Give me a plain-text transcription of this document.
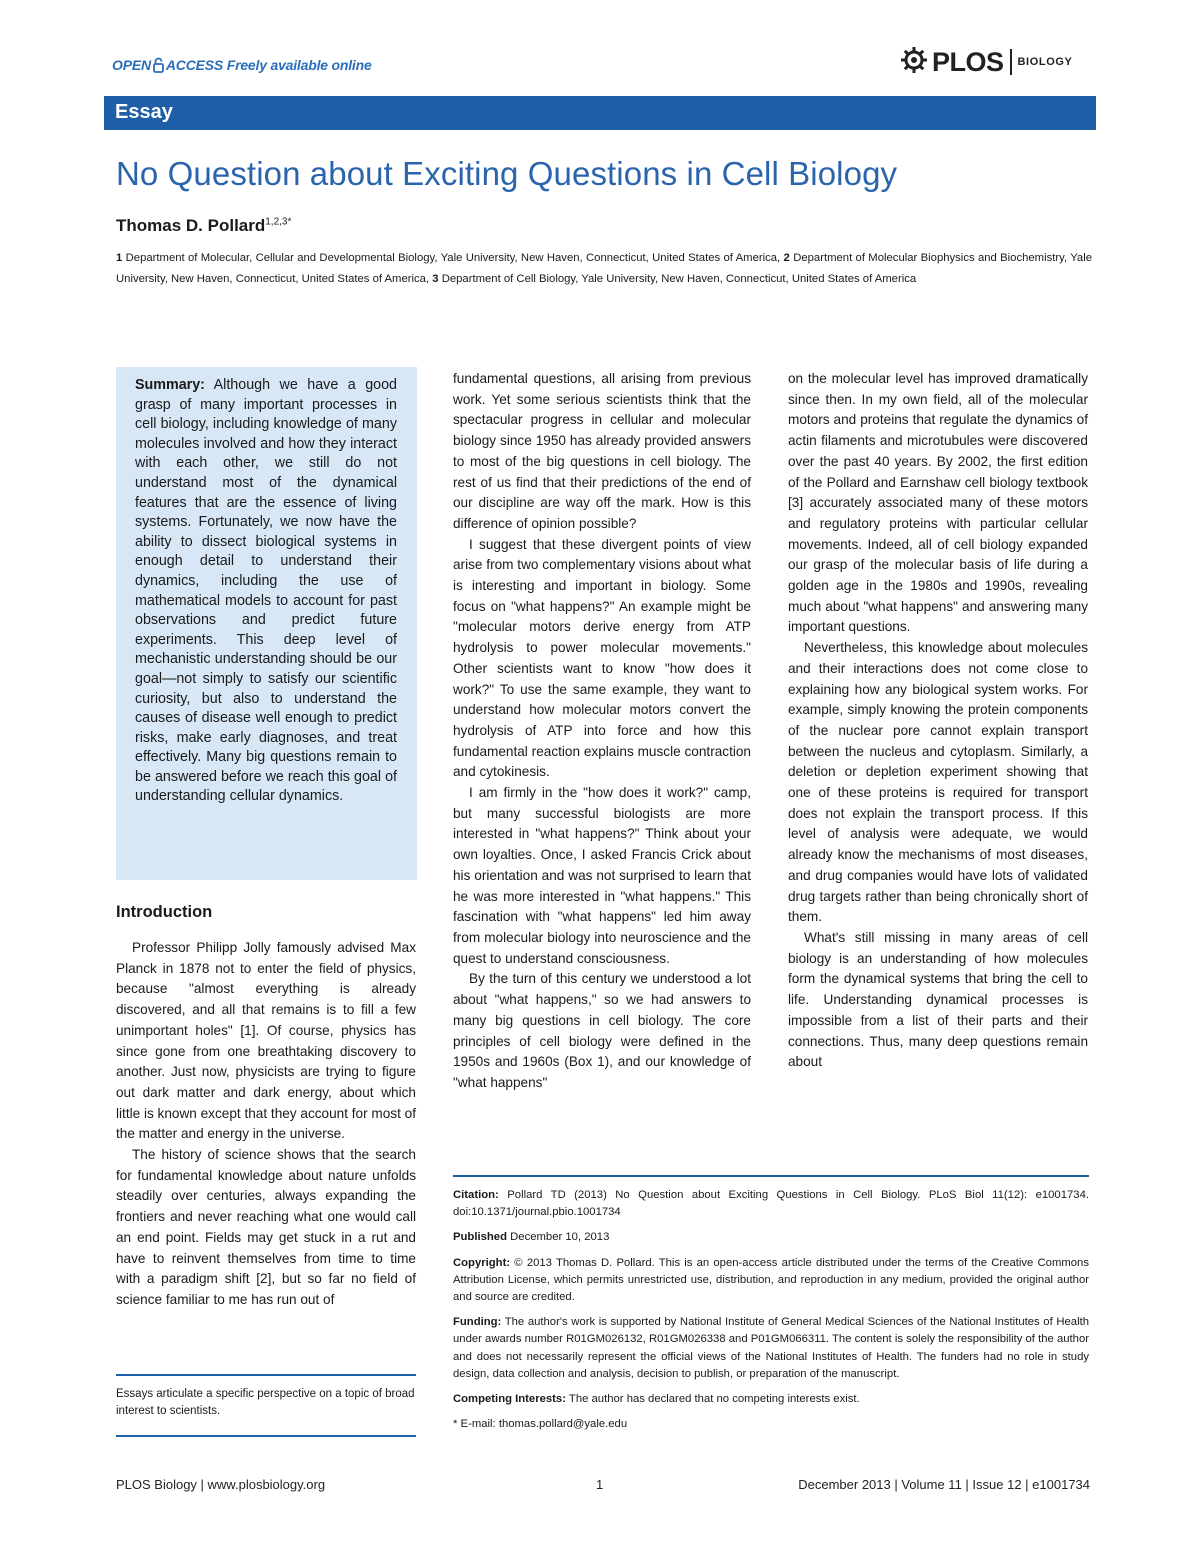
OPEN ACCESS Freely available online	PLOS BIOLOGY
Essay
No Question about Exciting Questions in Cell Biology
Thomas D. Pollard$^{1,2,3*}$
1 Department of Molecular, Cellular and Developmental Biology, Yale University, New Haven, Connecticut, United States of America, 2 Department of Molecular Biophysics and Biochemistry, Yale University, New Haven, Connecticut, United States of America, 3 Department of Cell Biology, Yale University, New Haven, Connecticut, United States of America

Summary: Although we have a good grasp of many important processes in cell biology, including knowledge of many molecules involved and how they interact with each other, we still do not understand most of the dynamical features that are the essence of living systems. Fortunately, we now have the ability to dissect biological systems in enough detail to understand their dynamics, including the use of mathematical models to account for past observations and predict future experiments. This deep level of mechanistic understanding should be our goal—not simply to satisfy our scientific curiosity, but also to understand the causes of disease well enough to predict risks, make early diagnoses, and treat effectively. Many big questions remain to be answered before we reach this goal of understanding cellular dynamics.

Introduction

Professor Philipp Jolly famously advised Max Planck in 1878 not to enter the field of physics, because "almost everything is already discovered, and all that remains is to fill a few unimportant holes" [1]. Of course, physics has since gone from one breathtaking discovery to another. Just now, physicists are trying to figure out dark matter and dark energy, about which little is known except that they account for most of the matter and energy in the universe.

The history of science shows that the search for fundamental knowledge about nature unfolds steadily over centuries, always expanding the frontiers and never reaching what one would call an end point. Fields may get stuck in a rut and have to reinvent themselves from time to time with a paradigm shift [2], but so far no field of science familiar to me has run out of

Essays articulate a specific perspective on a topic of broad interest to scientists.

fundamental questions, all arising from previous work. Yet some serious scientists think that the spectacular progress in cellular and molecular biology since 1950 has already provided answers to most of the big questions in cell biology. The rest of us find that their predictions of the end of our discipline are way off the mark. How is this difference of opinion possible?

I suggest that these divergent points of view arise from two complementary visions about what is interesting and important in biology. Some focus on "what happens?" An example might be "molecular motors derive energy from ATP hydrolysis to power molecular movements." Other scientists want to know "how does it work?" To use the same example, they want to understand how molecular motors convert the hydrolysis of ATP into force and how this fundamental reaction explains muscle contraction and cytokinesis.

I am firmly in the "how does it work?" camp, but many successful biologists are more interested in "what happens?" Think about your own loyalties. Once, I asked Francis Crick about his orientation and was not surprised to learn that he was more interested in "what happens." This fascination with "what happens" led him away from molecular biology into neuroscience and the quest to understand consciousness.

By the turn of this century we understood a lot about "what happens," so we had answers to many big questions in cell biology. The core principles of cell biology were defined in the 1950s and 1960s (Box 1), and our knowledge of "what happens"

on the molecular level has improved dramatically since then. In my own field, all of the molecular motors and proteins that regulate the dynamics of actin filaments and microtubules were discovered over the past 40 years. By 2002, the first edition of the Pollard and Earnshaw cell biology textbook [3] accurately associated many of these motors and regulatory proteins with particular cellular movements. Indeed, all of cell biology expanded our grasp of the molecular basis of life during a golden age in the 1980s and 1990s, revealing much about "what happens" and answering many important questions.

Nevertheless, this knowledge about molecules and their interactions does not come close to explaining how any biological system works. For example, simply knowing the protein components of the nuclear pore cannot explain transport between the nucleus and cytoplasm. Similarly, a deletion or depletion experiment showing that one of these proteins is required for transport does not explain the transport process. If this level of analysis were adequate, we would already know the mechanisms of most diseases, and drug companies would have lots of validated drug targets rather than being chronically short of them.

What's still missing in many areas of cell biology is an understanding of how molecules form the dynamical systems that bring the cell to life. Understanding dynamical processes is impossible from a list of their parts and their connections. Thus, many deep questions remain about

Citation: Pollard TD (2013) No Question about Exciting Questions in Cell Biology. PLoS Biol 11(12): e1001734. doi:10.1371/journal.pbio.1001734

Published December 10, 2013

Copyright: © 2013 Thomas D. Pollard. This is an open-access article distributed under the terms of the Creative Commons Attribution License, which permits unrestricted use, distribution, and reproduction in any medium, provided the original author and source are credited.

Funding: The author's work is supported by National Institute of General Medical Sciences of the National Institutes of Health under awards number R01GM026132, R01GM026338 and P01GM066311. The content is solely the responsibility of the author and does not necessarily represent the official views of the National Institutes of Health. The funders had no role in study design, data collection and analysis, decision to publish, or preparation of the manuscript.

Competing Interests: The author has declared that no competing interests exist.

* E-mail: thomas.pollard@yale.edu

PLOS Biology | www.plosbiology.org	1	December 2013 | Volume 11 | Issue 12 | e1001734
